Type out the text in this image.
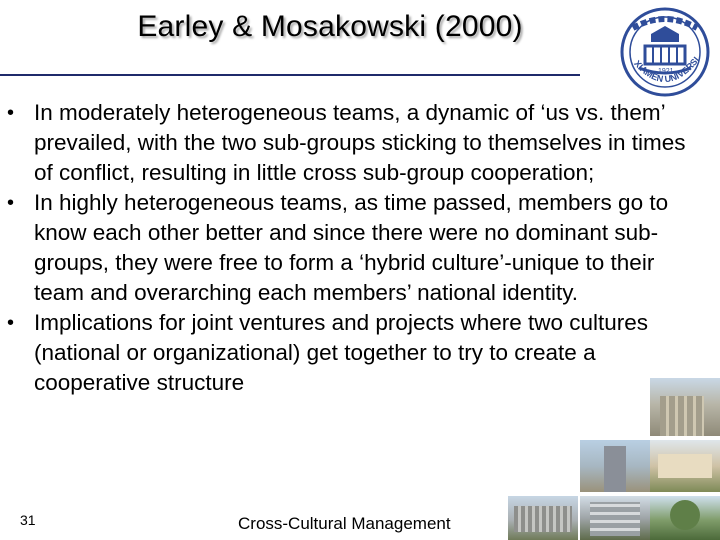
Earley & Mosakowski (2000)
1921
XIAMEN UNIVERSI
• In moderately heterogeneous teams, a dynamic of ‘us vs. them’ prevailed, with the two sub-groups sticking to themselves in times of conflict, resulting in little cross sub-group cooperation;
• In highly heterogeneous teams, as time passed, members go to know each other better and since there were no dominant sub-groups, they were free to form a ‘hybrid culture’-unique to their team and overarching each members’ national identity.
• Implications for joint ventures and projects where two cultures (national or organizational) get together to try to create a cooperative structure
31	Cross-Cultural Management
